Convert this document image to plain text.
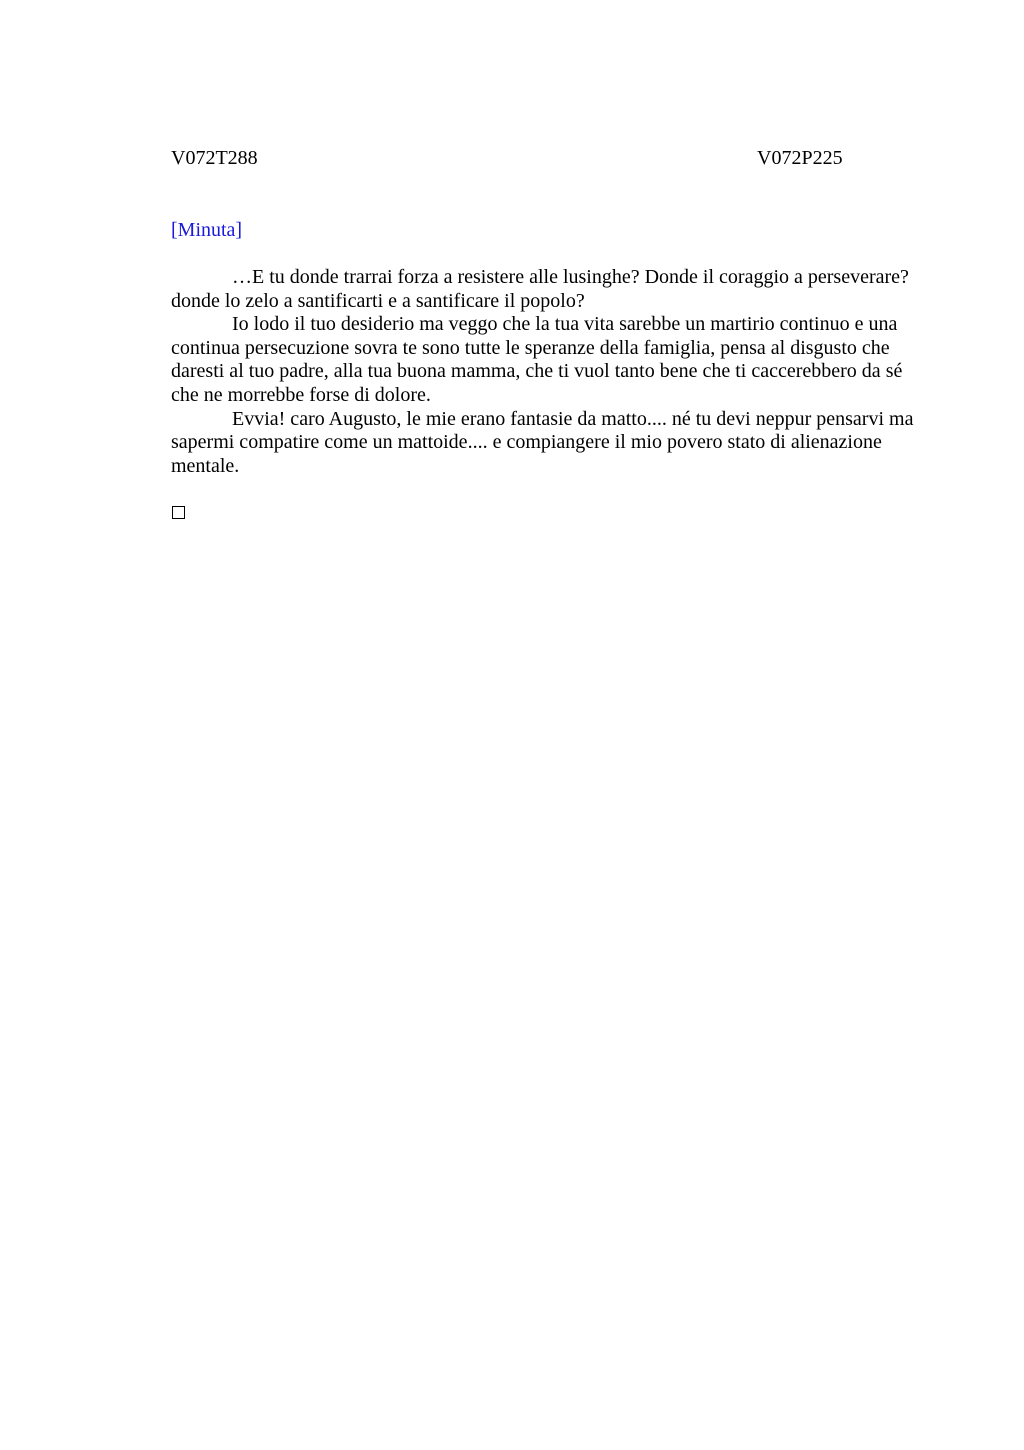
V072T288	V072P225
[Minuta]

…E tu donde trarrai forza a resistere alle lusinghe? Donde il coraggio a perseverare? donde lo zelo a santificarti e a santificare il popolo?

Io lodo il tuo desiderio ma veggo che la tua vita sarebbe un martirio continuo e una continua persecuzione sovra te sono tutte le speranze della famiglia, pensa al disgusto che daresti al tuo padre, alla tua buona mamma, che ti vuol tanto bene che ti caccerebbero da sé che ne morrebbe forse di dolore.

Evvia! caro Augusto, le mie erano fantasie da matto.... né tu devi neppur pensarvi ma sapermi compatire come un mattoide.... e compiangere il mio povero stato di alienazione mentale.
